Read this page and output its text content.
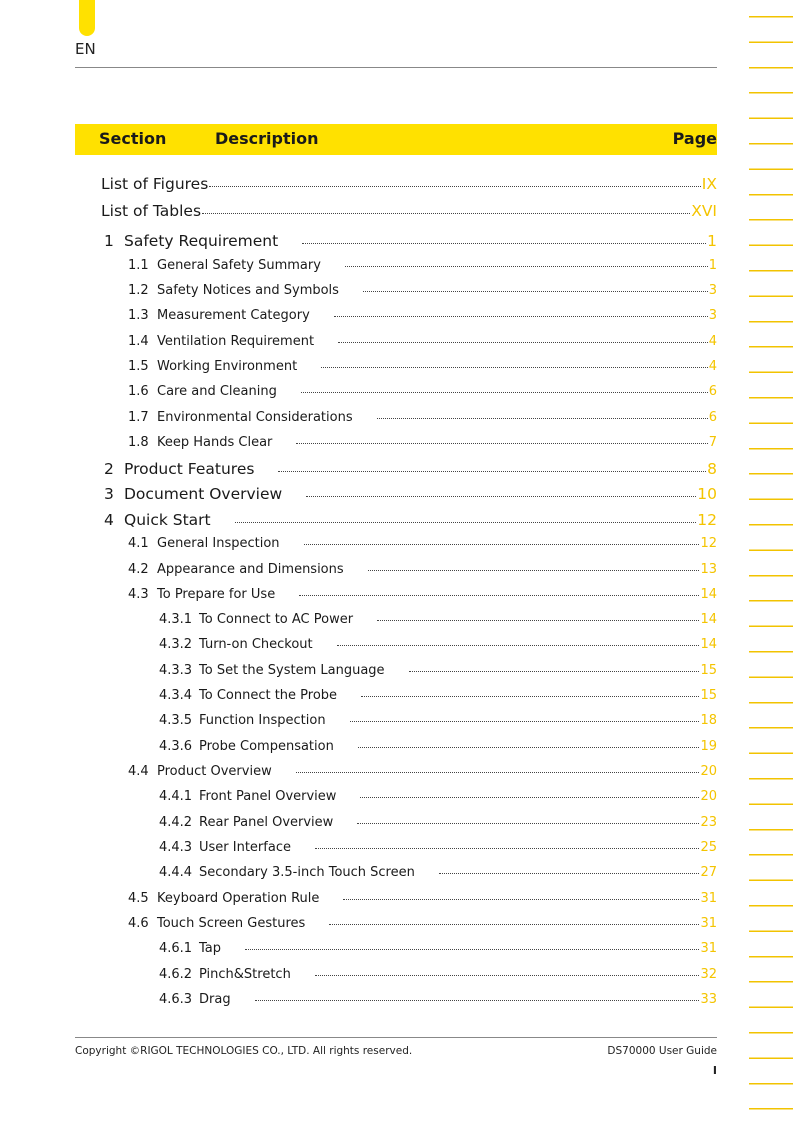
EN
Section	Description	Page
List of Figures	IX
List of Tables	XVI
1 Safety Requirement	1
1.1 General Safety Summary	1
1.2 Safety Notices and Symbols	3
1.3 Measurement Category	3
1.4 Ventilation Requirement	4
1.5 Working Environment	4
1.6 Care and Cleaning	6
1.7 Environmental Considerations	6
1.8 Keep Hands Clear	7
2 Product Features	8
3 Document Overview	10
4 Quick Start	12
4.1 General Inspection	12
4.2 Appearance and Dimensions	13
4.3 To Prepare for Use	14
4.3.1 To Connect to AC Power	14
4.3.2 Turn-on Checkout	14
4.3.3 To Set the System Language	15
4.3.4 To Connect the Probe	15
4.3.5 Function Inspection	18
4.3.6 Probe Compensation	19
4.4 Product Overview	20
4.4.1 Front Panel Overview	20
4.4.2 Rear Panel Overview	23
4.4.3 User Interface	25
4.4.4 Secondary 3.5-inch Touch Screen	27
4.5 Keyboard Operation Rule	31
4.6 Touch Screen Gestures	31
4.6.1 Tap	31
4.6.2 Pinch&Stretch	32
4.6.3 Drag	33
Copyright ©RIGOL TECHNOLOGIES CO., LTD. All rights reserved.	DS70000 User Guide
I
